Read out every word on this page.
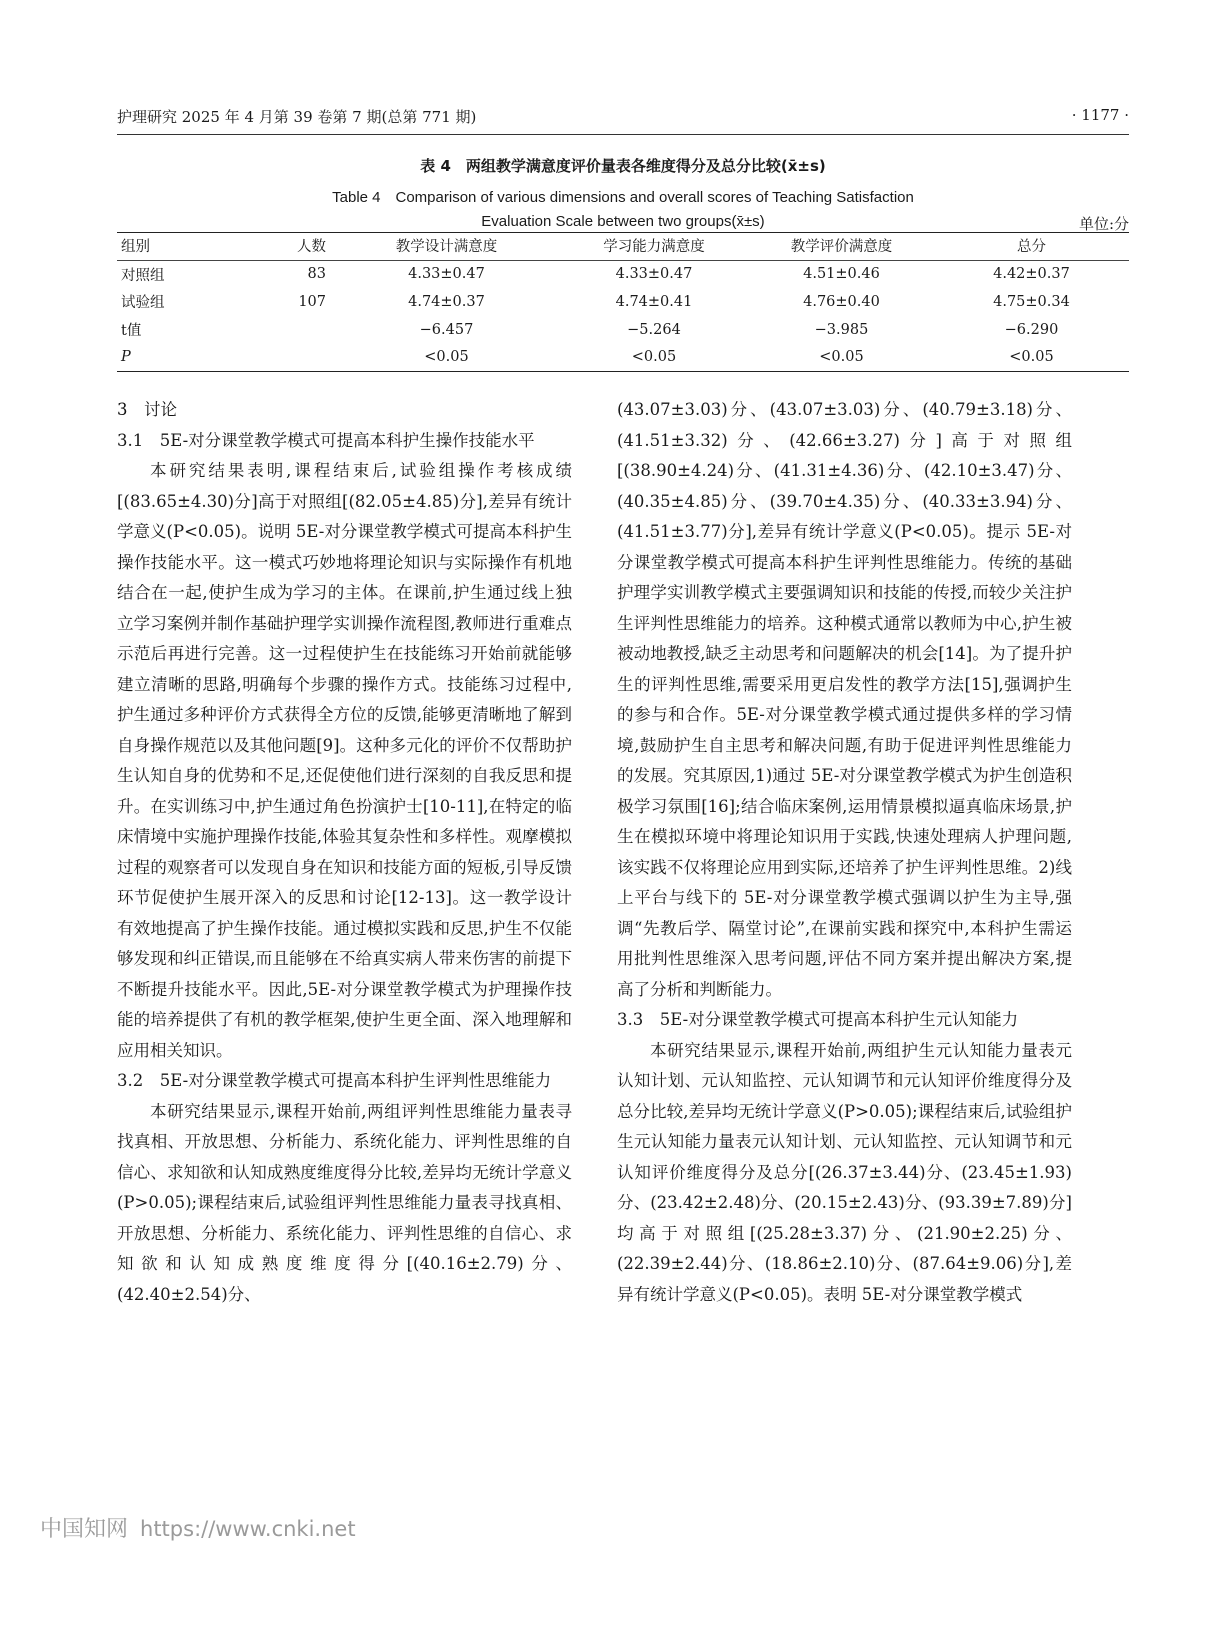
护理研究 2025 年 4 月第 39 卷第 7 期(总第 771 期)	· 1177 ·
表 4　两组教学满意度评价量表各维度得分及总分比较(x̄±s)
Table 4　Comparison of various dimensions and overall scores of Teaching Satisfaction
Evaluation Scale between two groups(x̄±s)	单位:分
组别	人数	教学设计满意度	学习能力满意度	教学评价满意度	总分
对照组	83	4.33±0.47	4.33±0.47	4.51±0.46	4.42±0.37
试验组	107	4.74±0.37	4.74±0.41	4.76±0.40	4.75±0.34
t值		−6.457	−5.264	−3.985	−6.290
P		<0.05	<0.05	<0.05	<0.05
3　讨论
3.1　5E-对分课堂教学模式可提高本科护生操作技能水平

本研究结果表明,课程结束后,试验组操作考核成绩[(83.65±4.30)分]高于对照组[(82.05±4.85)分],差异有统计学意义(P<0.05)。说明 5E-对分课堂教学模式可提高本科护生操作技能水平。这一模式巧妙地将理论知识与实际操作有机地结合在一起,使护生成为学习的主体。在课前,护生通过线上独立学习案例并制作基础护理学实训操作流程图,教师进行重难点示范后再进行完善。这一过程使护生在技能练习开始前就能够建立清晰的思路,明确每个步骤的操作方式。技能练习过程中,护生通过多种评价方式获得全方位的反馈,能够更清晰地了解到自身操作规范以及其他问题[9]。这种多元化的评价不仅帮助护生认知自身的优势和不足,还促使他们进行深刻的自我反思和提升。在实训练习中,护生通过角色扮演护士[10-11],在特定的临床情境中实施护理操作技能,体验其复杂性和多样性。观摩模拟过程的观察者可以发现自身在知识和技能方面的短板,引导反馈环节促使护生展开深入的反思和讨论[12-13]。这一教学设计有效地提高了护生操作技能。通过模拟实践和反思,护生不仅能够发现和纠正错误,而且能够在不给真实病人带来伤害的前提下不断提升技能水平。因此,5E-对分课堂教学模式为护理操作技能的培养提供了有机的教学框架,使护生更全面、深入地理解和应用相关知识。

3.2　5E-对分课堂教学模式可提高本科护生评判性思维能力

本研究结果显示,课程开始前,两组评判性思维能力量表寻找真相、开放思想、分析能力、系统化能力、评判性思维的自信心、求知欲和认知成熟度维度得分比较,差异均无统计学意义(P>0.05);课程结束后,试验组评判性思维能力量表寻找真相、开放思想、分析能力、系统化能力、评判性思维的自信心、求知欲和认知成熟度维度得分[(40.16±2.79)分、(42.40±2.54)分、

(43.07±3.03)分、(43.07±3.03)分、(40.79±3.18)分、(41.51±3.32)分、(42.66±3.27)分]高于对照组[(38.90±4.24)分、(41.31±4.36)分、(42.10±3.47)分、(40.35±4.85)分、(39.70±4.35)分、(40.33±3.94)分、(41.51±3.77)分],差异有统计学意义(P<0.05)。提示 5E-对分课堂教学模式可提高本科护生评判性思维能力。传统的基础护理学实训教学模式主要强调知识和技能的传授,而较少关注护生评判性思维能力的培养。这种模式通常以教师为中心,护生被被动地教授,缺乏主动思考和问题解决的机会[14]。为了提升护生的评判性思维,需要采用更启发性的教学方法[15],强调护生的参与和合作。5E-对分课堂教学模式通过提供多样的学习情境,鼓励护生自主思考和解决问题,有助于促进评判性思维能力的发展。究其原因,1)通过 5E-对分课堂教学模式为护生创造积极学习氛围[16];结合临床案例,运用情景模拟逼真临床场景,护生在模拟环境中将理论知识用于实践,快速处理病人护理问题,该实践不仅将理论应用到实际,还培养了护生评判性思维。2)线上平台与线下的 5E-对分课堂教学模式强调以护生为主导,强调“先教后学、隔堂讨论”,在课前实践和探究中,本科护生需运用批判性思维深入思考问题,评估不同方案并提出解决方案,提高了分析和判断能力。

3.3　5E-对分课堂教学模式可提高本科护生元认知能力

本研究结果显示,课程开始前,两组护生元认知能力量表元认知计划、元认知监控、元认知调节和元认知评价维度得分及总分比较,差异均无统计学意义(P>0.05);课程结束后,试验组护生元认知能力量表元认知计划、元认知监控、元认知调节和元认知评价维度得分及总分[(26.37±3.44)分、(23.45±1.93)分、(23.42±2.48)分、(20.15±2.43)分、(93.39±7.89)分]均高于对照组[(25.28±3.37)分、(21.90±2.25)分、(22.39±2.44)分、(18.86±2.10)分、(87.64±9.06)分],差异有统计学意义(P<0.05)。表明 5E-对分课堂教学模式

中国知网 https://www.cnki.net
